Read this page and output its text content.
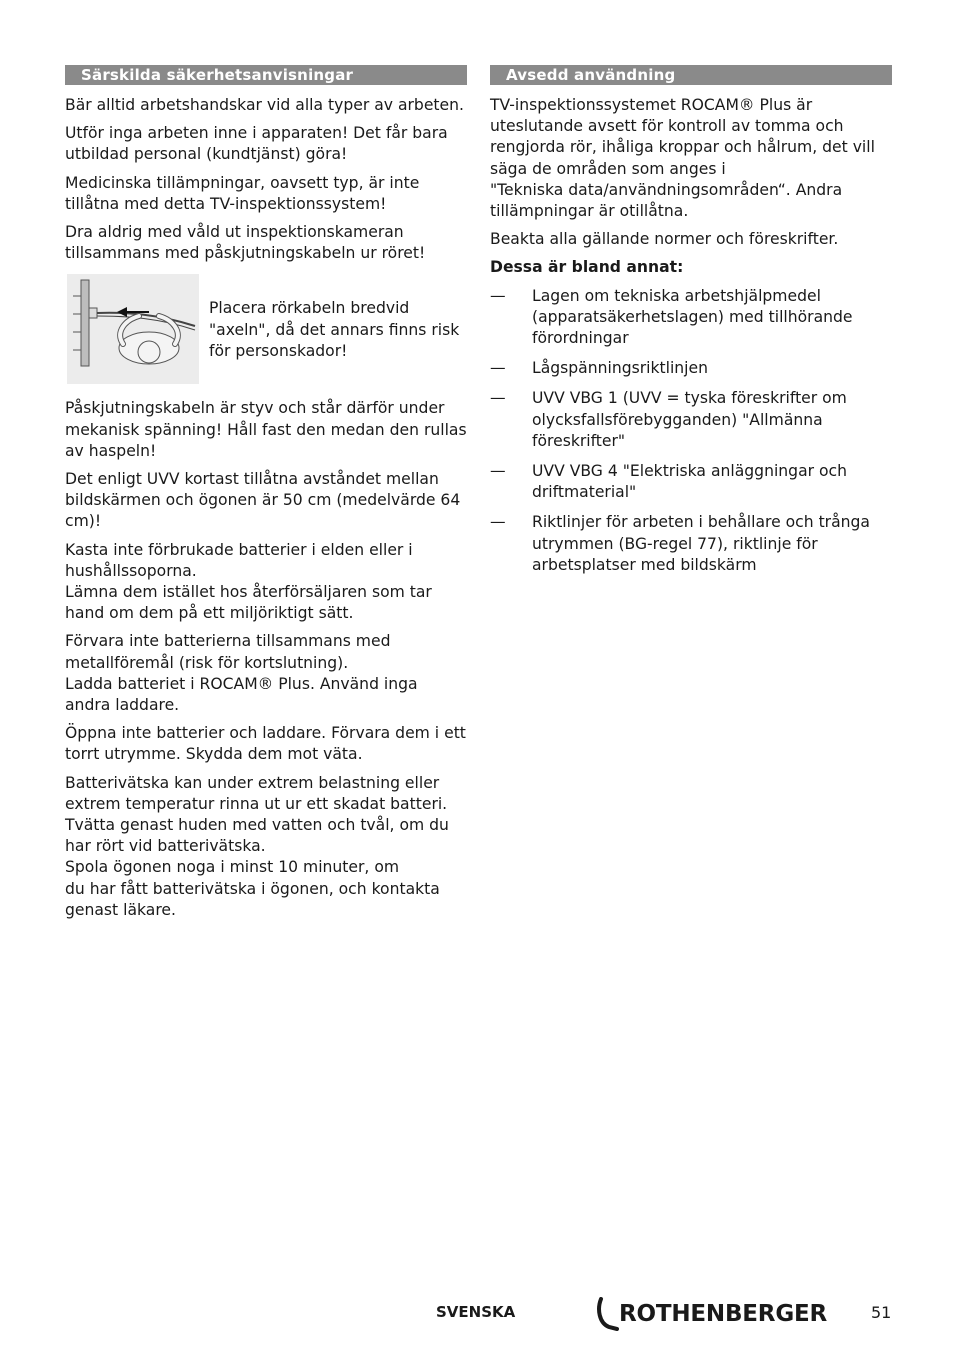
Särskilda säkerhetsanvisningar

Bär alltid arbetshandskar vid alla typer av arbeten.

Utför inga arbeten inne i apparaten! Det får bara
utbildad personal (kundtjänst) göra!

Medicinska tillämpningar, oavsett typ, är inte
tillåtna med detta TV-inspektionssystem!

Dra aldrig med våld ut inspektionskameran
tillsammans med påskjutningskabeln ur röret!

Placera rörkabeln bredvid
"axeln", då det annars finns risk
för personskador!

Påskjutningskabeln är styv och står därför under
mekanisk spänning! Håll fast den medan den rullas
av haspeln!

Det enligt UVV kortast tillåtna avståndet mellan
bildskärmen och ögonen är 50 cm (medelvärde 64
cm)!

Kasta inte förbrukade batterier i elden eller i
hushållssoporna.
Lämna dem istället hos återförsäljaren som tar
hand om dem på ett miljöriktigt sätt.

Förvara inte batterierna tillsammans med
metallföremål (risk för kortslutning).
Ladda batteriet i ROCAM® Plus. Använd inga
andra laddare.

Öppna inte batterier och laddare. Förvara dem i ett
torrt utrymme. Skydda dem mot väta.

Batterivätska kan under extrem belastning eller
extrem temperatur rinna ut ur ett skadat batteri.
Tvätta genast huden med vatten och tvål, om du
har rört vid batterivätska.
Spola ögonen noga i minst 10 minuter, om
du har fått batterivätska i ögonen, och kontakta
genast läkare.

Avsedd användning

TV-inspektionssystemet ROCAM® Plus är
uteslutande avsett för kontroll av tomma och
rengjorda rör, ihåliga kroppar och hålrum, det vill
säga de områden som anges i
"Tekniska data/användningsområden“. Andra
tillämpningar är otillåtna.

Beakta alla gällande normer och föreskrifter.

Dessa är bland annat:

— Lagen om tekniska arbetshjälpmedel
(apparatsäkerhetslagen) med tillhörande
förordningar
— Lågspänningsriktlinjen
— UVV VBG 1 (UVV = tyska föreskrifter om
olycksfallsförebygganden) "Allmänna
föreskrifter"
— UVV VBG 4 "Elektriska anläggningar och
driftmaterial"
— Riktlinjer för arbeten i behållare och trånga
utrymmen (BG-regel 77), riktlinje för
arbetsplatser med bildskärm
SVENSKA	ROTHENBERGER	51
